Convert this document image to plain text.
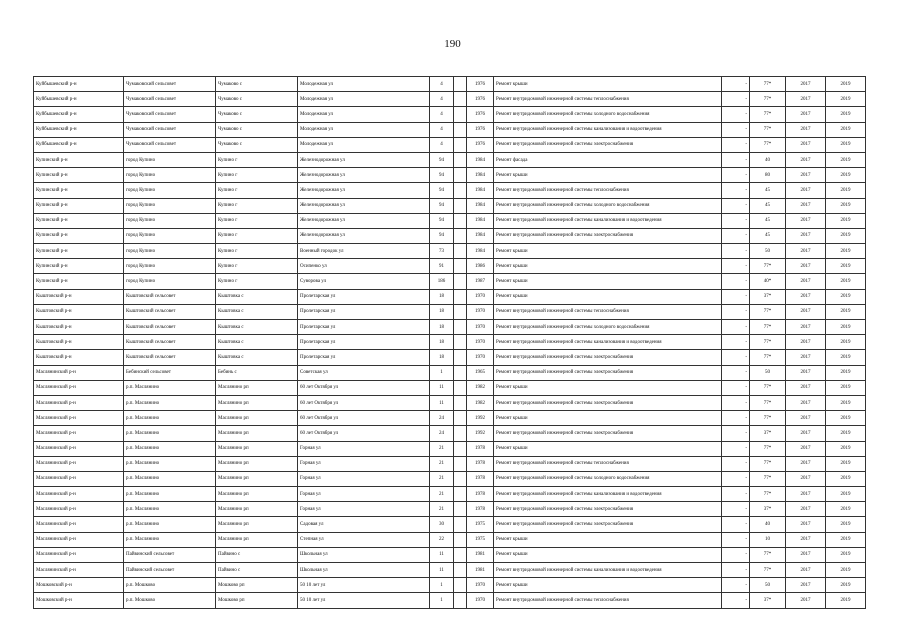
190
Куйбышевский р-н	Чумаковский сельсовет	Чумаково с	Молодежная ул	4		1976	Ремонт крыши	-	77*	2017	2019
Куйбышевский р-н	Чумаковский сельсовет	Чумаково с	Молодежная ул	4		1976	Ремонт внутридомовой инженерной системы теплоснабжения	-	77*	2017	2019
Куйбышевский р-н	Чумаковский сельсовет	Чумаково с	Молодежная ул	4		1976	Ремонт внутридомовой инженерной системы холодного водоснабжения	-	77*	2017	2019
Куйбышевский р-н	Чумаковский сельсовет	Чумаково с	Молодежная ул	4		1976	Ремонт внутридомовой инженерной системы канализования и водоотведения	-	77*	2017	2019
Куйбышевский р-н	Чумаковский сельсовет	Чумаково с	Молодежная ул	4		1976	Ремонт внутридомовой инженерной системы электроснабжения	-	77*	2017	2019
Купинский р-н	город Купино	Купино г	Железнодорожная ул	94		1984	Ремонт фасада	-	40	2017	2019
Купинский р-н	город Купино	Купино г	Железнодорожная ул	94		1984	Ремонт крыши	-	80	2017	2019
Купинский р-н	город Купино	Купино г	Железнодорожная ул	94		1984	Ремонт внутридомовой инженерной системы теплоснабжения	-	45	2017	2019
Купинский р-н	город Купино	Купино г	Железнодорожная ул	94		1984	Ремонт внутридомовой инженерной системы холодного водоснабжения	-	45	2017	2019
Купинский р-н	город Купино	Купино г	Железнодорожная ул	94		1984	Ремонт внутридомовой инженерной системы канализования и водоотведения	-	45	2017	2019
Купинский р-н	город Купино	Купино г	Железнодорожная ул	94		1984	Ремонт внутридомовой инженерной системы электроснабжения	-	45	2017	2019
Купинский р-н	город Купино	Купино г	Военный городок ул	73		1984	Ремонт крыши	-	50	2017	2019
Купинский р-н	город Купино	Купино г	Осипенко ул	91		1986	Ремонт крыши	-	77*	2017	2019
Купинский р-н	город Купино	Купино г	Суворова ул	186		1987	Ремонт крыши	-	40*	2017	2019
Кыштовский р-н	Кыштовский сельсовет	Кыштовка с	Пролетарская ул	18		1970	Ремонт крыши	-	37*	2017	2019
Кыштовский р-н	Кыштовский сельсовет	Кыштовка с	Пролетарская ул	18		1970	Ремонт внутридомовой инженерной системы теплоснабжения	-	77*	2017	2019
Кыштовский р-н	Кыштовский сельсовет	Кыштовка с	Пролетарская ул	18		1970	Ремонт внутридомовой инженерной системы холодного водоснабжения	-	77*	2017	2019
Кыштовский р-н	Кыштовский сельсовет	Кыштовка с	Пролетарская ул	18		1970	Ремонт внутридомовой инженерной системы канализования и водоотведения	-	77*	2017	2019
Кыштовский р-н	Кыштовский сельсовет	Кыштовка с	Пролетарская ул	18		1970	Ремонт внутридомовой инженерной системы электроснабжения	-	77*	2017	2019
Маслянинский р-н	Бебинский сельсовет	Бебинь с	Советская ул	1		1965	Ремонт внутридомовой инженерной системы электроснабжения	-	50	2017	2019
Маслянинский р-н	р.п. Маслянино	Маслянино рп	60 лет Октября ул	11		1982	Ремонт крыши	-	77*	2017	2019
Маслянинский р-н	р.п. Маслянино	Маслянино рп	60 лет Октября ул	11		1982	Ремонт внутридомовой инженерной системы электроснабжения	-	77*	2017	2019
Маслянинский р-н	р.п. Маслянино	Маслянино рп	60 лет Октября ул	24		1992	Ремонт крыши	-	77*	2017	2019
Маслянинский р-н	р.п. Маслянино	Маслянино рп	60 лет Октября ул	24		1992	Ремонт внутридомовой инженерной системы электроснабжения	-	37*	2017	2019
Маслянинский р-н	р.п. Маслянино	Маслянино рп	Горная ул	21		1978	Ремонт крыши	-	77*	2017	2019
Маслянинский р-н	р.п. Маслянино	Маслянино рп	Горная ул	21		1978	Ремонт внутридомовой инженерной системы теплоснабжения	-	77*	2017	2019
Маслянинский р-н	р.п. Маслянино	Маслянино рп	Горная ул	21		1978	Ремонт внутридомовой инженерной системы холодного водоснабжения	-	77*	2017	2019
Маслянинский р-н	р.п. Маслянино	Маслянино рп	Горная ул	21		1978	Ремонт внутридомовой инженерной системы канализования и водоотведения	-	77*	2017	2019
Маслянинский р-н	р.п. Маслянино	Маслянино рп	Горная ул	21		1978	Ремонт внутридомовой инженерной системы электроснабжения	-	37*	2017	2019
Маслянинский р-н	р.п. Маслянино	Маслянино рп	Садовая ул	30		1975	Ремонт внутридомовой инженерной системы электроснабжения	-	40	2017	2019
Маслянинский р-н	р.п. Маслянино	Маслянино рп	Степная ул	22		1975	Ремонт крыши	-	10	2017	2019
Маслянинский р-н	Пайвинский сельсовет	Пайвино с	Школьная ул	11		1981	Ремонт крыши	-	77*	2017	2019
Маслянинский р-н	Пайвинский сельсовет	Пайвино с	Школьная ул	11		1981	Ремонт внутридомовой инженерной системы канализования и водоотведения	-	77*	2017	2019
Мошковский р-н	р.п. Мошково	Мошково рп	50 10 лет ул	1		1970	Ремонт крыши	-	50	2017	2019
Мошковский р-н	р.п. Мошково	Мошково рп	50 10 лет ул	1		1970	Ремонт внутридомовой инженерной системы теплоснабжения	-	37*	2017	2019
